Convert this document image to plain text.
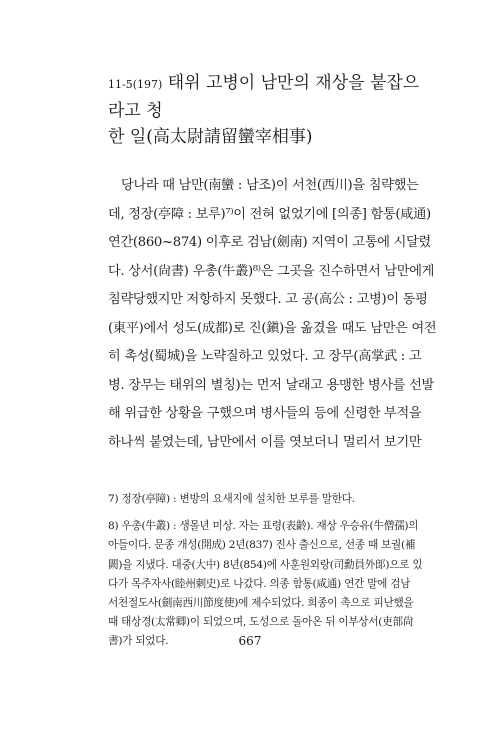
11-5(197) 태위 고병이 남만의 재상을 붙잡으라고 청
한 일(高太尉請留蠻宰相事)
당나라 때 남만(南蠻 : 남조)이 서천(西川)을 침략했는
데, 정장(亭障 : 보루)⁷⁾이 전혀 없었기에 [의종] 함통(咸通)
연간(860~874) 이후로 검남(劍南) 지역이 고통에 시달렸
다. 상서(尙書) 우총(牛叢)⁸⁾은 그곳을 진수하면서 남만에게
침략당했지만 저항하지 못했다. 고 공(高公 : 고병)이 동평
(東平)에서 성도(成都)로 진(鎭)을 옮겼을 때도 남만은 여전
히 촉성(蜀城)을 노략질하고 있었다. 고 장무(高掌武 : 고
병. 장무는 태위의 별칭)는 먼저 날래고 용맹한 병사를 선발
해 위급한 상황을 구했으며 병사들의 등에 신령한 부적을
하나씩 붙였는데, 남만에서 이를 엿보더니 멀리서 보기만
7) 정장(亭障) : 변방의 요새지에 설치한 보루를 말한다.
8) 우총(牛叢) : 생몰년 미상. 자는 표령(表齡). 재상 우승유(牛僧孺)의
아들이다. 문종 개성(開成) 2년(837) 진사 출신으로, 선종 때 보궐(補
闕)을 지냈다. 대중(大中) 8년(854)에 사훈원외랑(司勳員外郞)으로 있
다가 목주자사(睦州刺史)로 나갔다. 의종 함통(咸通) 연간 말에 검남
서천절도사(劍南西川節度使)에 제수되었다. 희종이 촉으로 피난했을
때 태상경(太常卿)이 되었으며, 도성으로 돌아온 뒤 이부상서(吏部尙
書)가 되었다.	667
